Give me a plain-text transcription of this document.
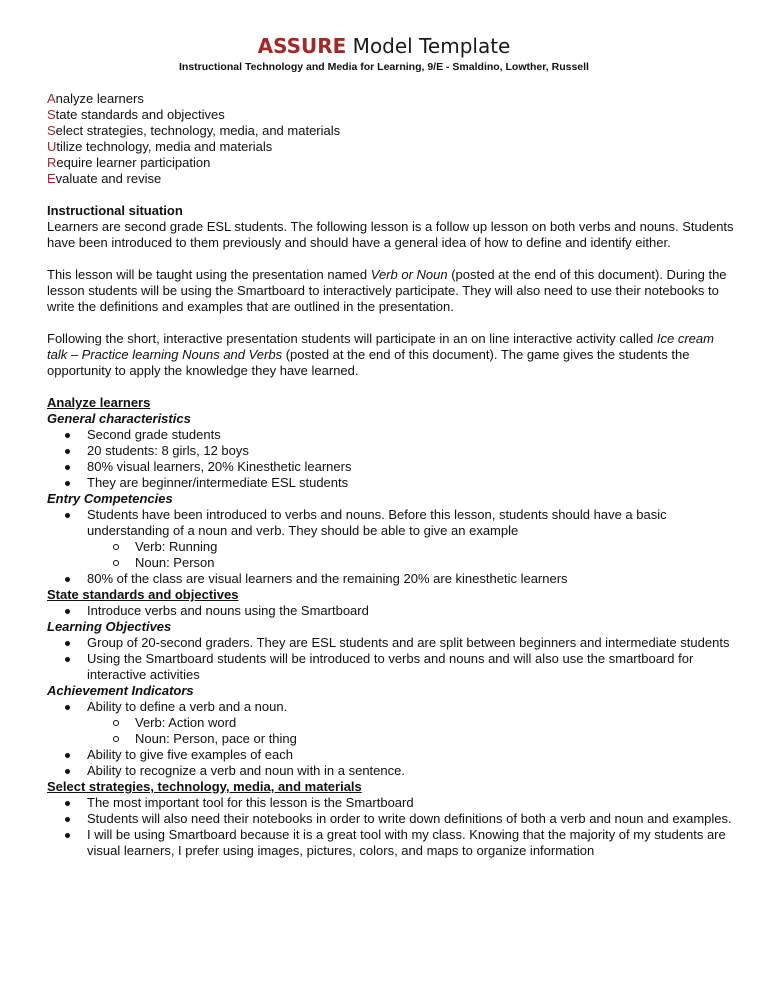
ASSURE Model Template
Instructional Technology and Media for Learning, 9/E - Smaldino, Lowther, Russell
Analyze learners
State standards and objectives
Select strategies, technology, media, and materials
Utilize technology, media and materials
Require learner participation
Evaluate and revise

Instructional situation

Learners are second grade ESL students. The following lesson is a follow up lesson on both verbs and nouns. Students have been introduced to them previously and should have a general idea of how to define and identify either.

This lesson will be taught using the presentation named Verb or Noun (posted at the end of this document). During the lesson students will be using the Smartboard to interactively participate. They will also need to use their notebooks to write the definitions and examples that are outlined in the presentation.

Following the short, interactive presentation students will participate in an on line interactive activity called Ice cream talk – Practice learning Nouns and Verbs (posted at the end of this document). The game gives the students the opportunity to apply the knowledge they have learned.

Analyze learners

General characteristics

Second grade students
20 students: 8 girls, 12 boys
80% visual learners, 20% Kinesthetic learners
They are beginner/intermediate ESL students

Entry Competencies

Students have been introduced to verbs and nouns. Before this lesson, students should have a basic understanding of a noun and verb. They should be able to give an example
Verb: Running
Noun: Person
80% of the class are visual learners and the remaining 20% are kinesthetic learners

State standards and objectives

Introduce verbs and nouns using the Smartboard

Learning Objectives

Group of 20-second graders. They are ESL students and are split between beginners and intermediate students
Using the Smartboard students will be introduced to verbs and nouns and will also use the smartboard for interactive activities

Achievement Indicators

Ability to define a verb and a noun.
Verb: Action word
Noun: Person, pace or thing
Ability to give five examples of each
Ability to recognize a verb and noun with in a sentence.

Select strategies, technology, media, and materials

The most important tool for this lesson is the Smartboard
Students will also need their notebooks in order to write down definitions of both a verb and noun and examples.
I will be using Smartboard because it is a great tool with my class. Knowing that the majority of my students are visual learners, I prefer using images, pictures, colors, and maps to organize information
